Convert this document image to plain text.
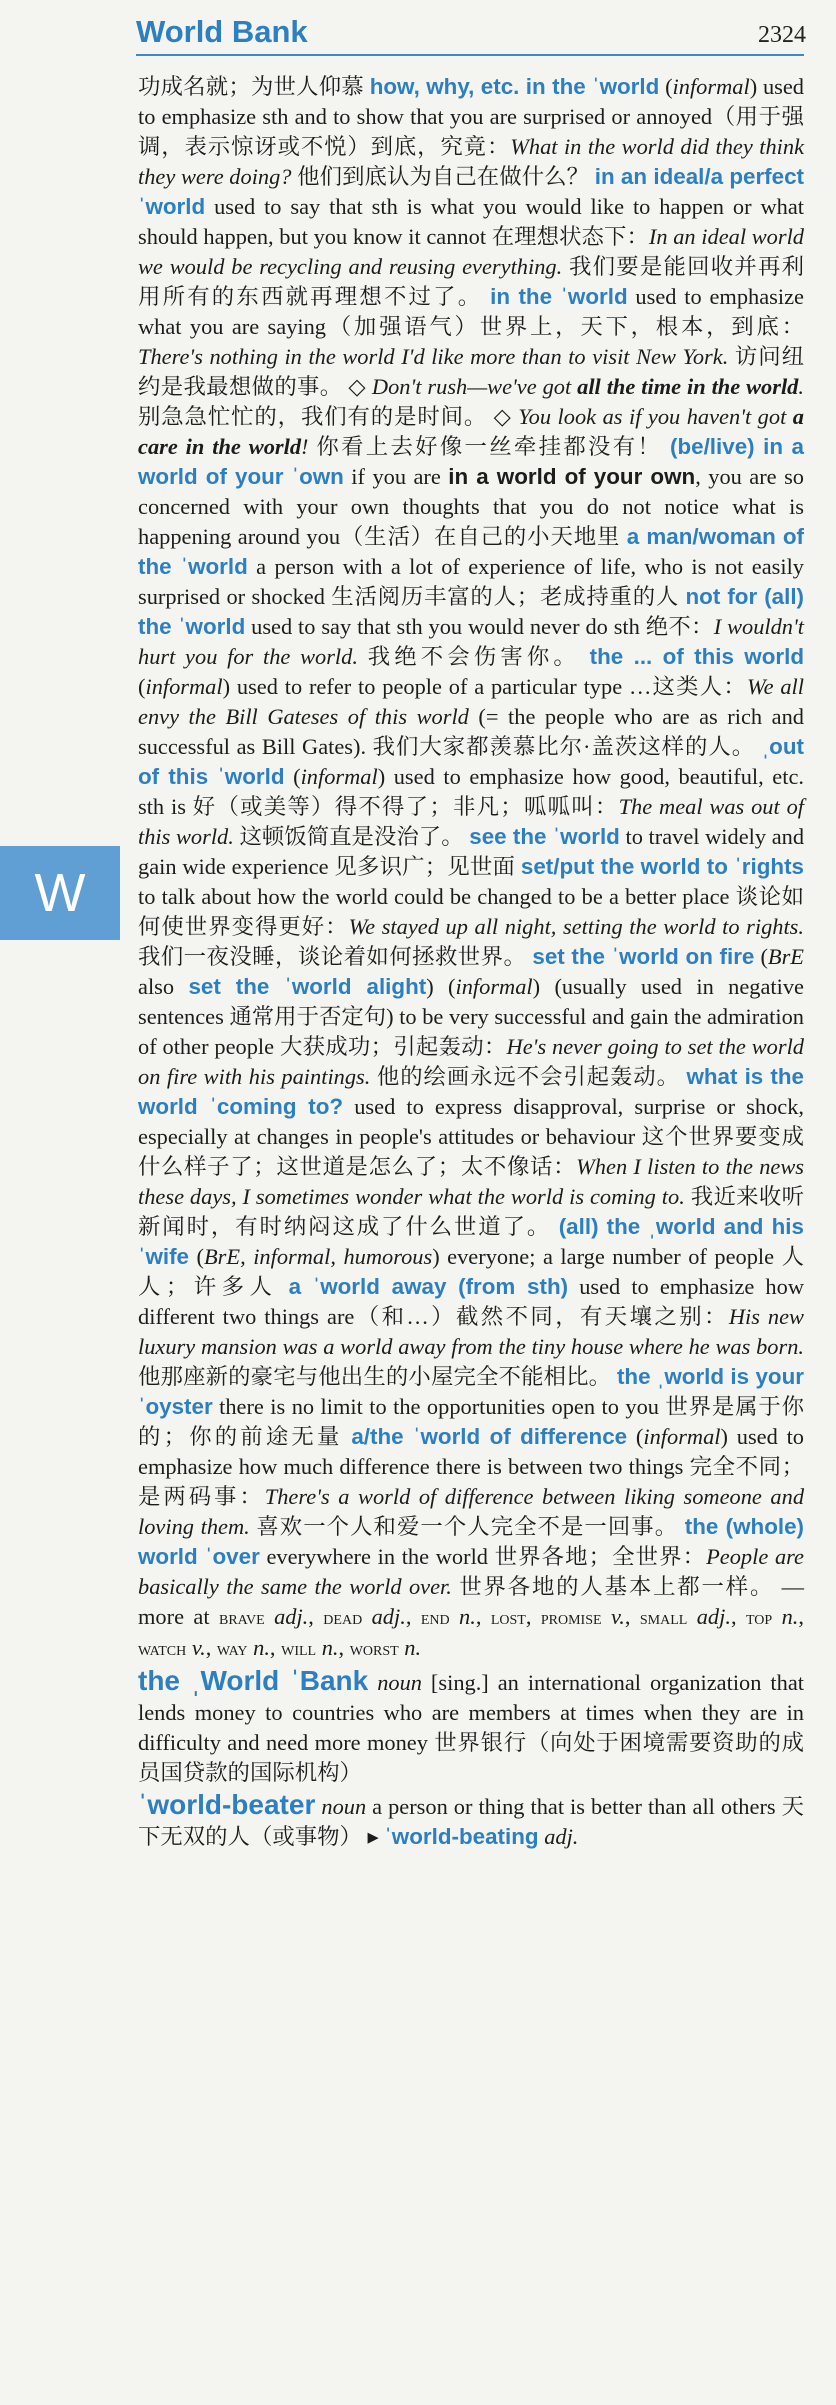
World Bank	2324
W

功成名就；为世人仰慕 how, why, etc. in the ˈworld (informal) used to emphasize sth and to show that you are surprised or annoyed（用于强调，表示惊讶或不悦）到底，究竟：What in the world did they think they were doing? 他们到底认为自己在做什么？ in an ideal/a perfect ˈworld used to say that sth is what you would like to happen or what should happen, but you know it cannot 在理想状态下：In an ideal world we would be recycling and reusing everything. 我们要是能回收并再利用所有的东西就再理想不过了。 in the ˈworld used to emphasize what you are saying（加强语气）世界上，天下，根本，到底：There's nothing in the world I'd like more than to visit New York. 访问纽约是我最想做的事。 ◇ Don't rush—we've got all the time in the world. 别急急忙忙的，我们有的是时间。 ◇ You look as if you haven't got a care in the world! 你看上去好像一丝牵挂都没有！ (be/live) in a world of your ˈown if you are in a world of your own, you are so concerned with your own thoughts that you do not notice what is happening around you（生活）在自己的小天地里 a man/woman of the ˈworld a person with a lot of experience of life, who is not easily surprised or shocked 生活阅历丰富的人；老成持重的人 not for (all) the ˈworld used to say that sth you would never do sth 绝不：I wouldn't hurt you for the world. 我绝不会伤害你。 the ... of this world (informal) used to refer to people of a particular type …这类人：We all envy the Bill Gateses of this world (= the people who are as rich and successful as Bill Gates). 我们大家都羡慕比尔·盖茨这样的人。 ˌout of this ˈworld (informal) used to emphasize how good, beautiful, etc. sth is 好（或美等）得不得了；非凡；呱呱叫：The meal was out of this world. 这顿饭简直是没治了。 see the ˈworld to travel widely and gain wide experience 见多识广；见世面 set/put the world to ˈrights to talk about how the world could be changed to be a better place 谈论如何使世界变得更好：We stayed up all night, setting the world to rights. 我们一夜没睡，谈论着如何拯救世界。 set the ˈworld on fire (BrE also set the ˈworld alight) (informal) (usually used in negative sentences 通常用于否定句) to be very successful and gain the admiration of other people 大获成功；引起轰动：He's never going to set the world on fire with his paintings. 他的绘画永远不会引起轰动。 what is the world ˈcoming to? used to express disapproval, surprise or shock, especially at changes in people's attitudes or behaviour 这个世界要变成什么样子了；这世道是怎么了；太不像话：When I listen to the news these days, I sometimes wonder what the world is coming to. 我近来收听新闻时，有时纳闷这成了什么世道了。 (all) the ˌworld and his ˈwife (BrE, informal, humorous) everyone; a large number of people 人人；许多人 a ˈworld away (from sth) used to emphasize how different two things are（和…）截然不同，有天壤之别：His new luxury mansion was a world away from the tiny house where he was born. 他那座新的豪宅与他出生的小屋完全不能相比。 the ˌworld is your ˈoyster there is no limit to the opportunities open to you 世界是属于你的；你的前途无量 a/the ˈworld of difference (informal) used to emphasize how much difference there is between two things 完全不同；是两码事：There's a world of difference between liking someone and loving them. 喜欢一个人和爱一个人完全不是一回事。 the (whole) world ˈover everywhere in the world 世界各地；全世界：People are basically the same the world over. 世界各地的人基本上都一样。 — more at brave adj., dead adj., end n., lost, promise v., small adj., top n., watch v., way n., will n., worst n.

the ˌWorld ˈBank noun [sing.] an international organization that lends money to countries who are members at times when they are in difficulty and need more money 世界银行（向处于困境需要资助的成员国贷款的国际机构）

ˈworld-beater noun a person or thing that is better than all others 天下无双的人（或事物） ▸ ˈworld-beating adj.
